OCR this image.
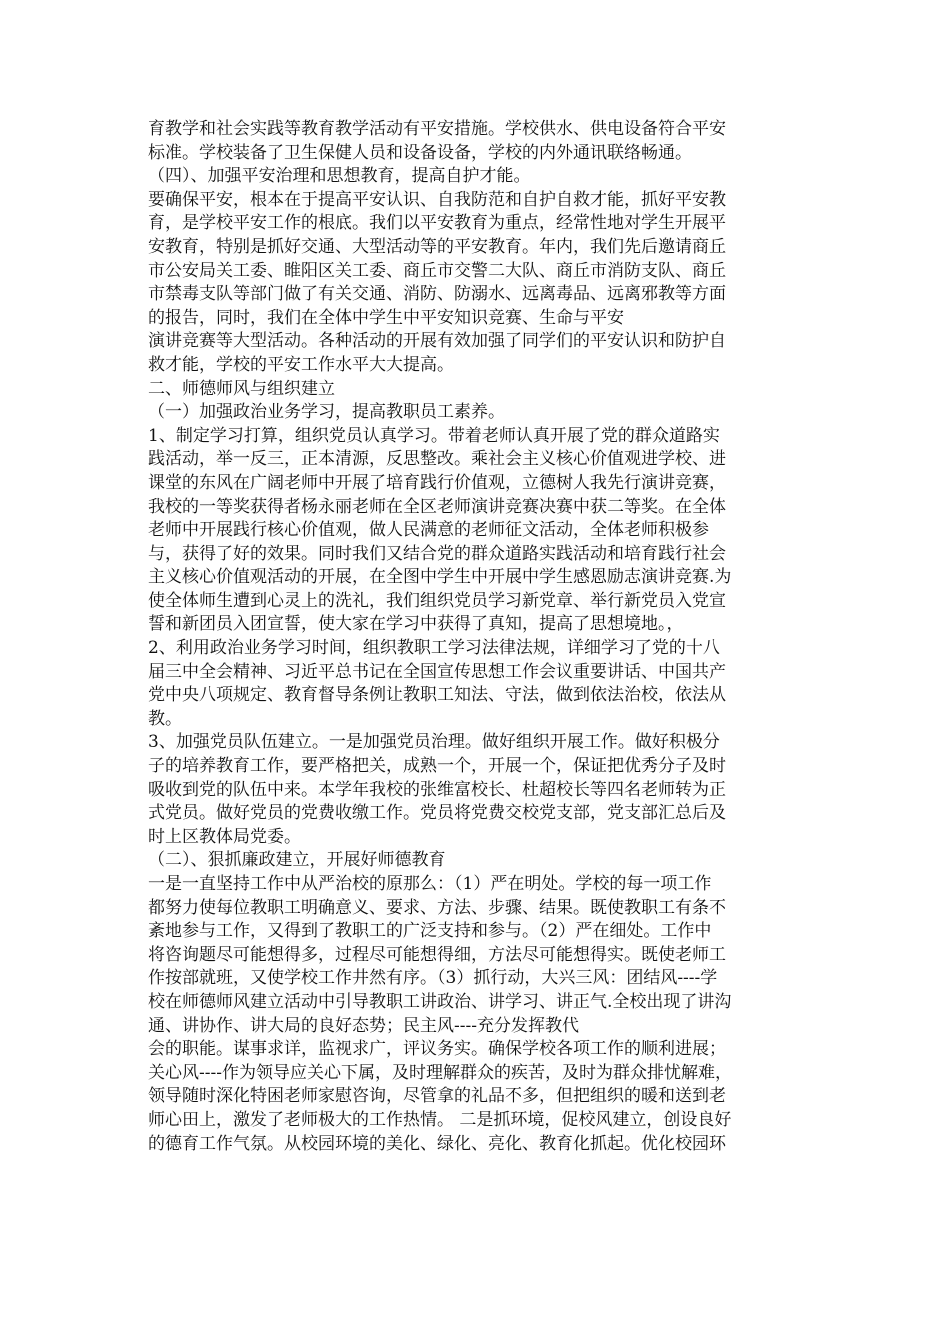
育教学和社会实践等教育教学活动有平安措施。学校供水、供电设备符合平安
标准。学校装备了卫生保健人员和设备设备，学校的内外通讯联络畅通。
（四）、加强平安治理和思想教育，提高自护才能。
要确保平安，根本在于提高平安认识、自我防范和自护自救才能，抓好平安教
育，是学校平安工作的根底。我们以平安教育为重点，经常性地对学生开展平
安教育，特别是抓好交通、大型活动等的平安教育。年内，我们先后邀请商丘
市公安局关工委、睢阳区关工委、商丘市交警二大队、商丘市消防支队、商丘
市禁毒支队等部门做了有关交通、消防、防溺水、远离毒品、远离邪教等方面
的报告，同时，我们在全体中学生中平安知识竞赛、生命与平安
演讲竞赛等大型活动。各种活动的开展有效加强了同学们的平安认识和防护自
救才能，学校的平安工作水平大大提高。
二、师德师风与组织建立
（一）加强政治业务学习，提高教职员工素养。
1、制定学习打算，组织党员认真学习。带着老师认真开展了党的群众道路实
践活动，举一反三，正本清源，反思整改。乘社会主义核心价值观进学校、进
课堂的东风在广阔老师中开展了培育践行价值观，立德树人我先行演讲竞赛，
我校的一等奖获得者杨永丽老师在全区老师演讲竞赛决赛中获二等奖。在全体
老师中开展践行核心价值观，做人民满意的老师征文活动，全体老师积极参
与，获得了好的效果。同时我们又结合党的群众道路实践活动和培育践行社会
主义核心价值观活动的开展，在全图中学生中开展中学生感恩励志演讲竞赛.为
使全体师生遭到心灵上的洗礼，我们组织党员学习新党章、举行新党员入党宣
誓和新团员入团宣誓，使大家在学习中获得了真知，提高了思想境地。，
2、利用政治业务学习时间，组织教职工学习法律法规，详细学习了党的十八
届三中全会精神、习近平总书记在全国宣传思想工作会议重要讲话、中国共产
党中央八项规定、教育督导条例让教职工知法、守法，做到依法治校，依法从
教。
3、加强党员队伍建立。一是加强党员治理。做好组织开展工作。做好积极分
子的培养教育工作，要严格把关，成熟一个，开展一个，保证把优秀分子及时
吸收到党的队伍中来。本学年我校的张维富校长、杜超校长等四名老师转为正
式党员。做好党员的党费收缴工作。党员将党费交校党支部，党支部汇总后及
时上区教体局党委。
（二）、狠抓廉政建立，开展好师德教育
一是一直坚持工作中从严治校的原那么：（1）严在明处。学校的每一项工作
都努力使每位教职工明确意义、要求、方法、步骤、结果。既使教职工有条不
紊地参与工作，又得到了教职工的广泛支持和参与。（2）严在细处。工作中
将咨询题尽可能想得多，过程尽可能想得细，方法尽可能想得实。既使老师工
作按部就班，又使学校工作井然有序。（3）抓行动，大兴三风：团结风----学
校在师德师风建立活动中引导教职工讲政治、讲学习、讲正气.全校出现了讲沟
通、讲协作、讲大局的良好态势；民主风----充分发挥教代
会的职能。谋事求详，监视求广，评议务实。确保学校各项工作的顺利进展；
关心风----作为领导应关心下属，及时理解群众的疾苦，及时为群众排忧解难，
领导随时深化特困老师家慰咨询，尽管拿的礼品不多，但把组织的暖和送到老
师心田上，激发了老师极大的工作热情。 二是抓环境，促校风建立，创设良好
的德育工作气氛。从校园环境的美化、绿化、亮化、教育化抓起。优化校园环
